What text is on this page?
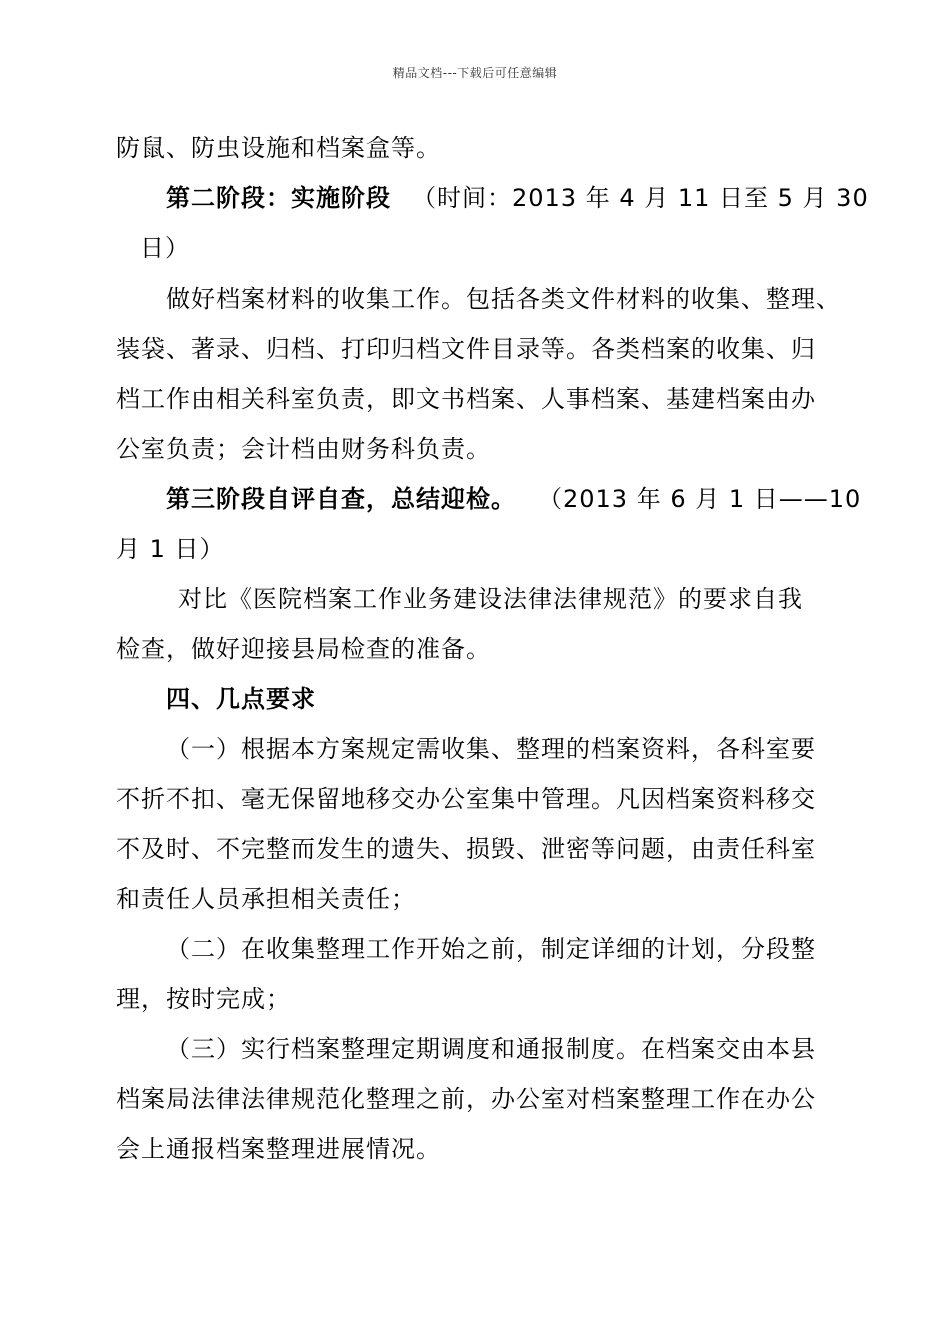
精品文档---下载后可任意编辑
防鼠、防虫设施和档案盒等。
第二阶段：实施阶段 （时间：2013 年 4 月 11 日至 5 月 30
日）
做好档案材料的收集工作。包括各类文件材料的收集、整理、
装袋、著录、归档、打印归档文件目录等。各类档案的收集、归
档工作由相关科室负责，即文书档案、人事档案、基建档案由办
公室负责；会计档由财务科负责。
第三阶段自评自查，总结迎检。 （2013 年 6 月 1 日——10
月 1 日）
对比《医院档案工作业务建设法律法律规范》的要求自我
检查，做好迎接县局检查的准备。
四、几点要求
（一）根据本方案规定需收集、整理的档案资料，各科室要
不折不扣、毫无保留地移交办公室集中管理。凡因档案资料移交
不及时、不完整而发生的遗失、损毁、泄密等问题，由责任科室
和责任人员承担相关责任；
（二）在收集整理工作开始之前，制定详细的计划，分段整
理，按时完成；
（三）实行档案整理定期调度和通报制度。在档案交由本县
档案局法律法律规范化整理之前，办公室对档案整理工作在办公
会上通报档案整理进展情况。
